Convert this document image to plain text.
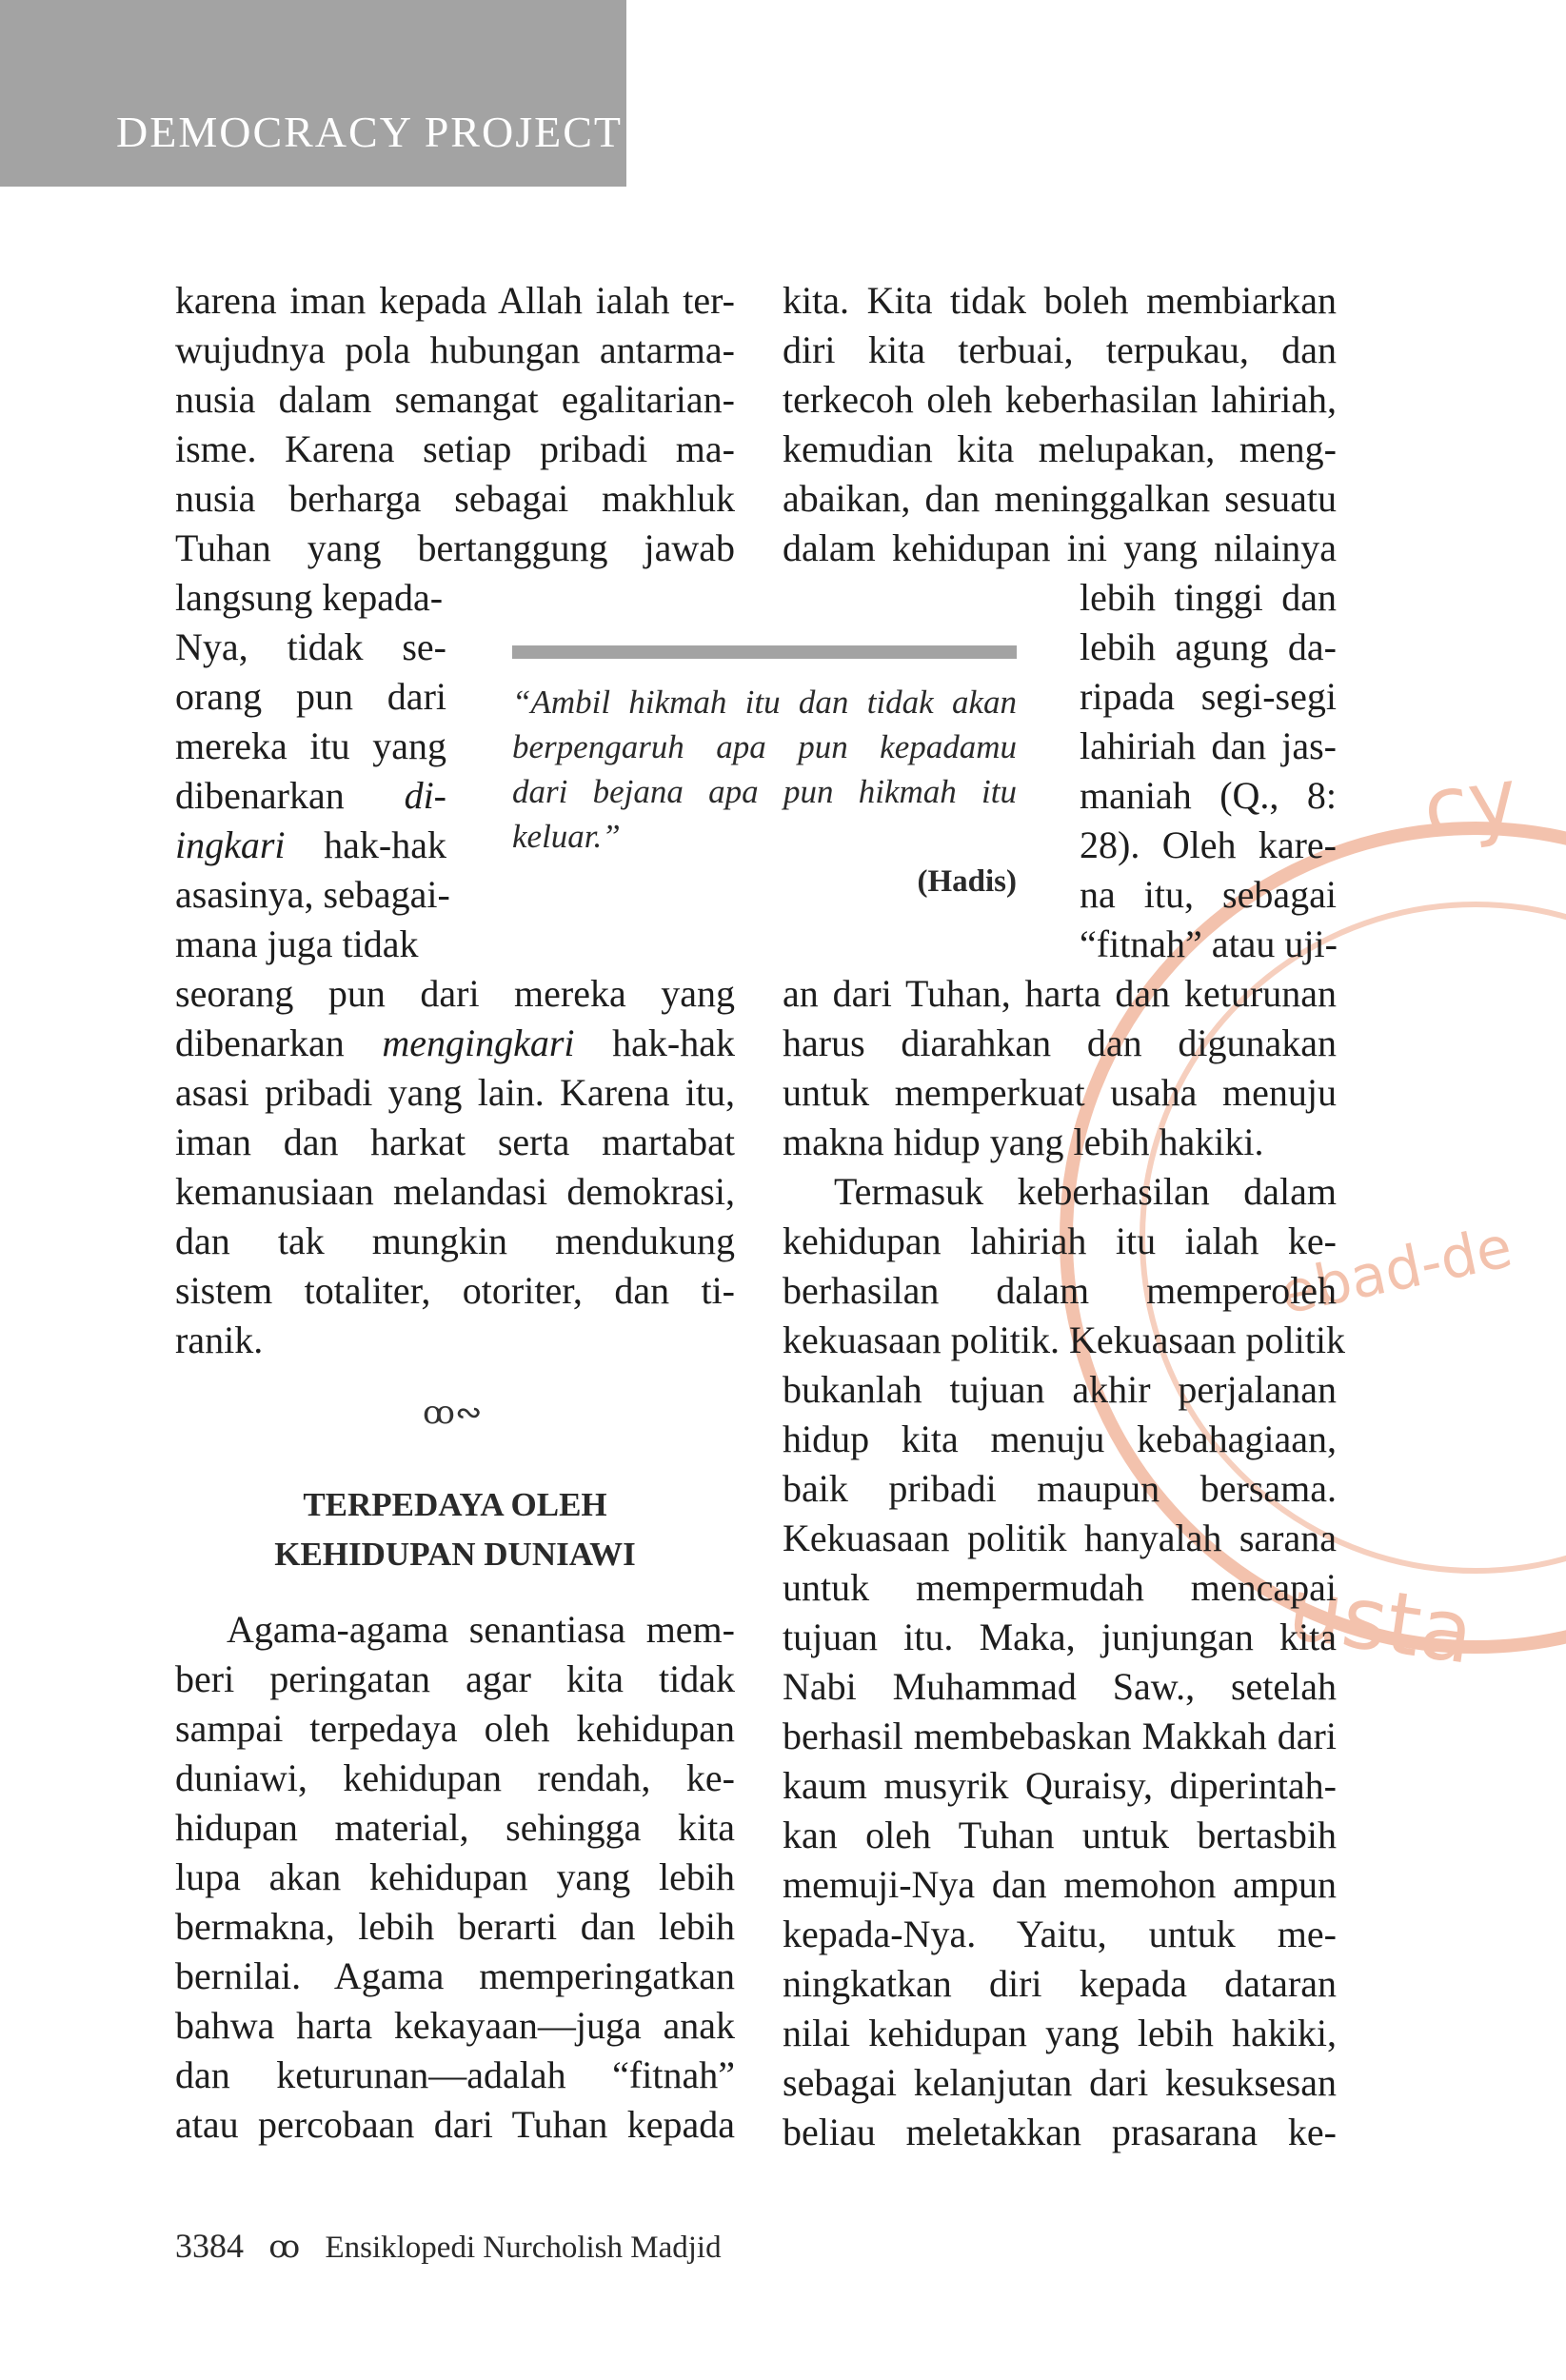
DEMOCRACY PROJECT
cy
ebad-de
usta
karena iman kepada Allah ialah ter-
wujudnya pola hubungan antarma-
nusia dalam semangat egalitarian-
isme. Karena setiap pribadi ma-
nusia berharga sebagai makhluk
Tuhan yang bertanggung jawab
langsung kepada-
Nya, tidak se-
orang pun dari
mereka itu yang
dibenarkan di-
ingkari hak-hak
asasinya, sebagai-
mana juga tidak
seorang pun dari mereka yang
dibenarkan mengingkari hak-hak
asasi pribadi yang lain. Karena itu,
iman dan harkat serta martabat
kemanusiaan melandasi demokrasi,
dan tak mungkin mendukung
sistem totaliter, otoriter, dan ti-
ranik.
ꝏ∾
TERPEDAYA OLEH
KEHIDUPAN DUNIAWI
Agama-agama senantiasa mem-
beri peringatan agar kita tidak
sampai terpedaya oleh kehidupan
duniawi, kehidupan rendah, ke-
hidupan material, sehingga kita
lupa akan kehidupan yang lebih
bermakna, lebih berarti dan lebih
bernilai. Agama memperingatkan
bahwa harta kekayaan—juga anak
dan keturunan—adalah “fitnah”
atau percobaan dari Tuhan kepada
“Ambil hikmah itu dan tidak akan
berpengaruh apa pun kepadamu
dari bejana apa pun hikmah itu
keluar.”
(Hadis)
kita. Kita tidak boleh membiarkan
diri kita terbuai, terpukau, dan
terkecoh oleh keberhasilan lahiriah,
kemudian kita melupakan, meng-
abaikan, dan meninggalkan sesuatu
dalam kehidupan ini yang nilainya
lebih tinggi dan
lebih agung da-
ripada segi-segi
lahiriah dan jas-
maniah (Q., 8:
28). Oleh kare-
na itu, sebagai
“fitnah” atau uji-
an dari Tuhan, harta dan keturunan
harus diarahkan dan digunakan
untuk memperkuat usaha menuju
makna hidup yang lebih hakiki.
Termasuk keberhasilan dalam
kehidupan lahiriah itu ialah ke-
berhasilan dalam memperoleh
kekuasaan politik. Kekuasaan politik
bukanlah tujuan akhir perjalanan
hidup kita menuju kebahagiaan,
baik pribadi maupun bersama.
Kekuasaan politik hanyalah sarana
untuk mempermudah mencapai
tujuan itu. Maka, junjungan kita
Nabi Muhammad Saw., setelah
berhasil membebaskan Makkah dari
kaum musyrik Quraisy, diperintah-
kan oleh Tuhan untuk bertasbih
memuji-Nya dan memohon ampun
kepada-Nya. Yaitu, untuk me-
ningkatkan diri kepada dataran
nilai kehidupan yang lebih hakiki,
sebagai kelanjutan dari kesuksesan
beliau meletakkan prasarana ke-
3384 ꝏ Ensiklopedi Nurcholish Madjid
